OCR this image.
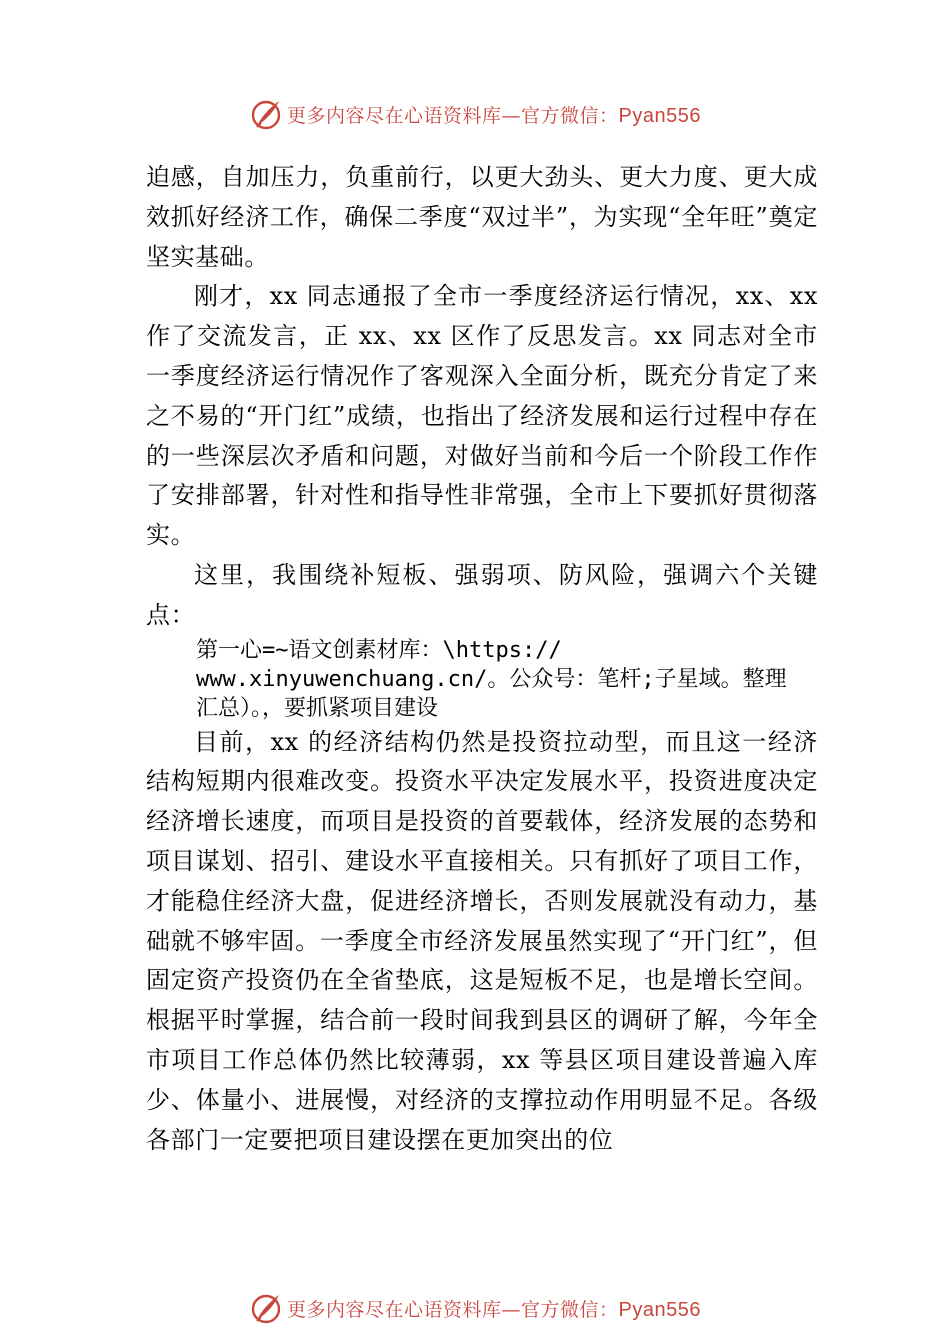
更多内容尽在心语资料库—官方微信：Pyan556

迫感，自加压力，负重前行，以更大劲头、更大力度、更大成效抓好经济工作，确保二季度“双过半”，为实现“全年旺”奠定坚实基础。

刚才，xx 同志通报了全市一季度经济运行情况，xx、xx 作了交流发言，正 xx、xx 区作了反思发言。xx 同志对全市一季度经济运行情况作了客观深入全面分析，既充分肯定了来之不易的“开门红”成绩，也指出了经济发展和运行过程中存在的一些深层次矛盾和问题，对做好当前和今后一个阶段工作作了安排部署，针对性和指导性非常强，全市上下要抓好贯彻落实。

这里，我围绕补短板、强弱项、防风险，强调六个关键点：

第一心=~语文创素材库：\https://
www.xinyuwenchuang.cn/。公众号：笔杆;子星域。整理
汇总）。，要抓紧项目建设

目前，xx 的经济结构仍然是投资拉动型，而且这一经济结构短期内很难改变。投资水平决定发展水平，投资进度决定经济增长速度，而项目是投资的首要载体，经济发展的态势和项目谋划、招引、建设水平直接相关。只有抓好了项目工作，才能稳住经济大盘，促进经济增长，否则发展就没有动力，基础就不够牢固。一季度全市经济发展虽然实现了“开门红”，但固定资产投资仍在全省垫底，这是短板不足，也是增长空间。根据平时掌握，结合前一段时间我到县区的调研了解，今年全市项目工作总体仍然比较薄弱，xx 等县区项目建设普遍入库少、体量小、进展慢，对经济的支撑拉动作用明显不足。各级各部门一定要把项目建设摆在更加突出的位

更多内容尽在心语资料库—官方微信：Pyan556
